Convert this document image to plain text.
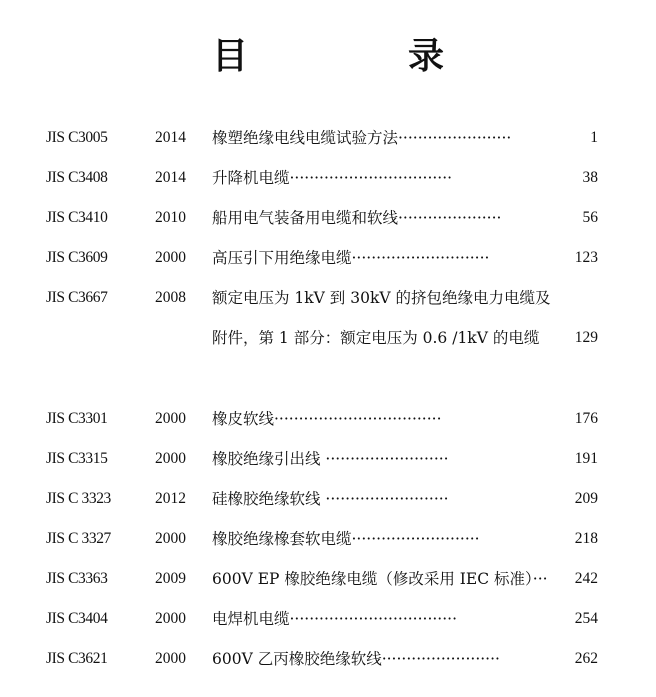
目　录
JIS C3005	2014 橡塑绝缘电线电缆试验方法·······················	1
JIS C3408	2014 升降机电缆·································	38
JIS C3410	2010 船用电气装备用电缆和软线·····················	56
JIS C3609	2000 高压引下用绝缘电缆····························	123
JIS C3667	2008 额定电压为 1kV 到 30kV 的挤包绝缘电力电缆及
附件，第 1 部分：额定电压为 0.6 /1kV 的电缆 129
JIS C3301	2000 橡皮软线··································	176
JIS C3315	2000 橡胶绝缘引出线 ·························	191
JIS C 3323	2012 硅橡胶绝缘软线 ·························	209
JIS C 3327	2000 橡胶绝缘橡套软电缆··························	218
JIS C3363	2009 600V EP 橡胶绝缘电缆（修改采用 IEC 标准）··· 242
JIS C3404	2000 电焊机电缆··································	254
JIS C3621	2000 600V 乙丙橡胶绝缘软线························	262
